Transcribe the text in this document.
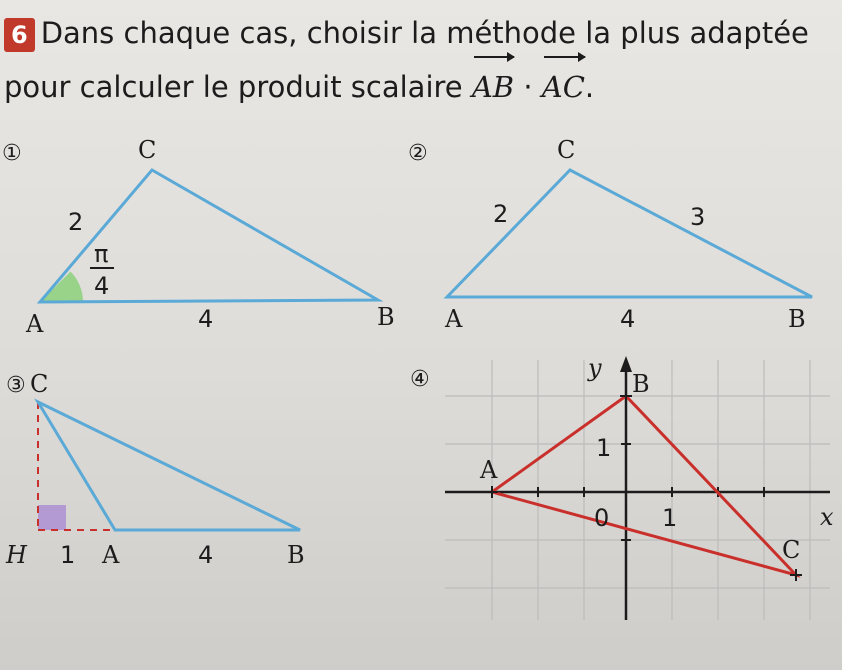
6 Dans chaque cas, choisir la méthode la plus adaptée
pour calculer le produit scalaire AB · AC.
①
A	B
C
2
4
π
4
②
A	B
C
2	3
4
③ C
H 1 A	4	B
④	y
B
A
1
0 1	x
C
